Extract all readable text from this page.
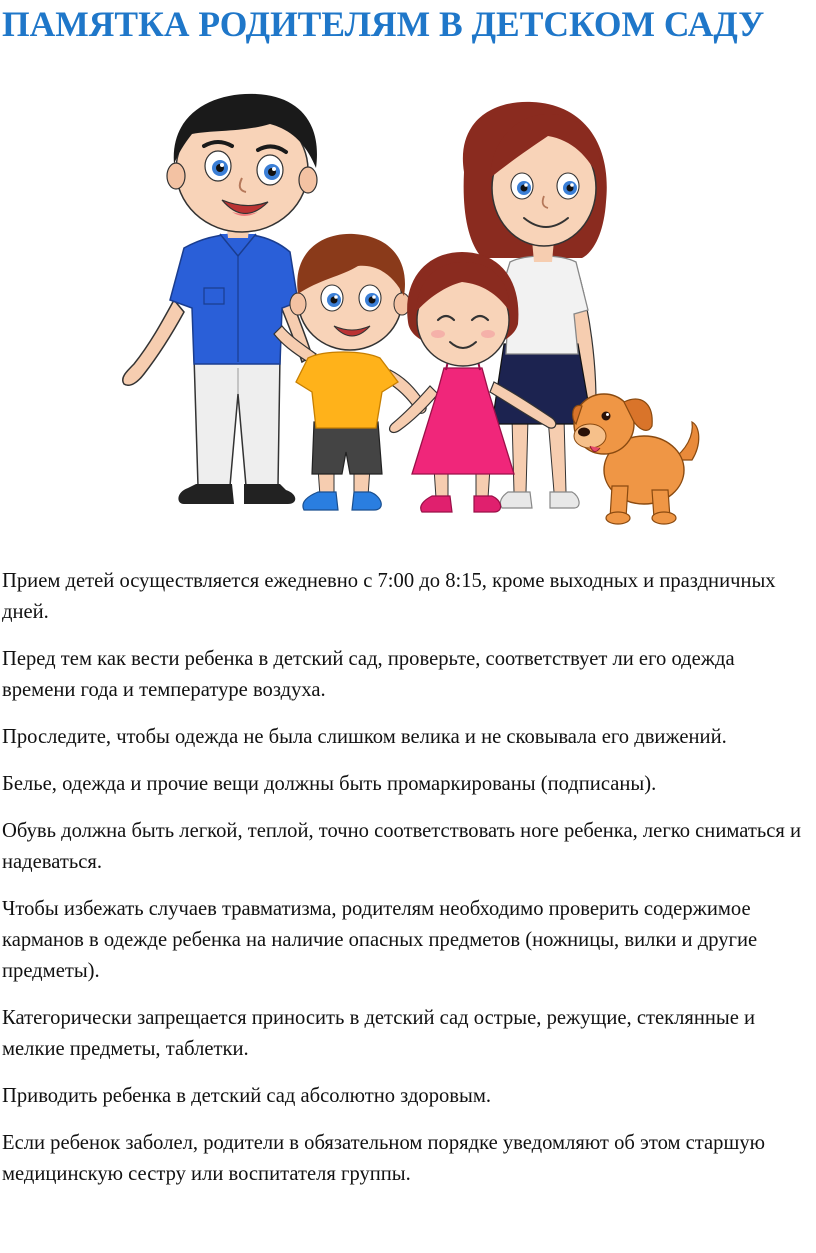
ПАМЯТКА РОДИТЕЛЯМ В ДЕТСКОМ САДУ

Прием детей осуществляется ежедневно с 7:00 до 8:15, кроме выходных и праздничных дней.

Перед тем как вести ребенка в детский сад, проверьте, соответствует ли его одежда времени года и температуре воздуха.

Проследите, чтобы одежда не была слишком велика и не сковывала его движений.

Белье, одежда и прочие вещи должны быть промаркированы (подписаны).

Обувь должна быть легкой, теплой, точно соответствовать ноге ребенка, легко сниматься и надеваться.

Чтобы избежать случаев травматизма, родителям необходимо проверить содержимое карманов в одежде ребенка на наличие опасных предметов (ножницы, вилки и другие предметы).

Категорически запрещается приносить в детский сад острые, режущие, стеклянные и мелкие предметы, таблетки.

Приводить ребенка в детский сад абсолютно здоровым.

Если ребенок заболел, родители в обязательном порядке уведомляют об этом старшую медицинскую сестру или воспитателя группы.
